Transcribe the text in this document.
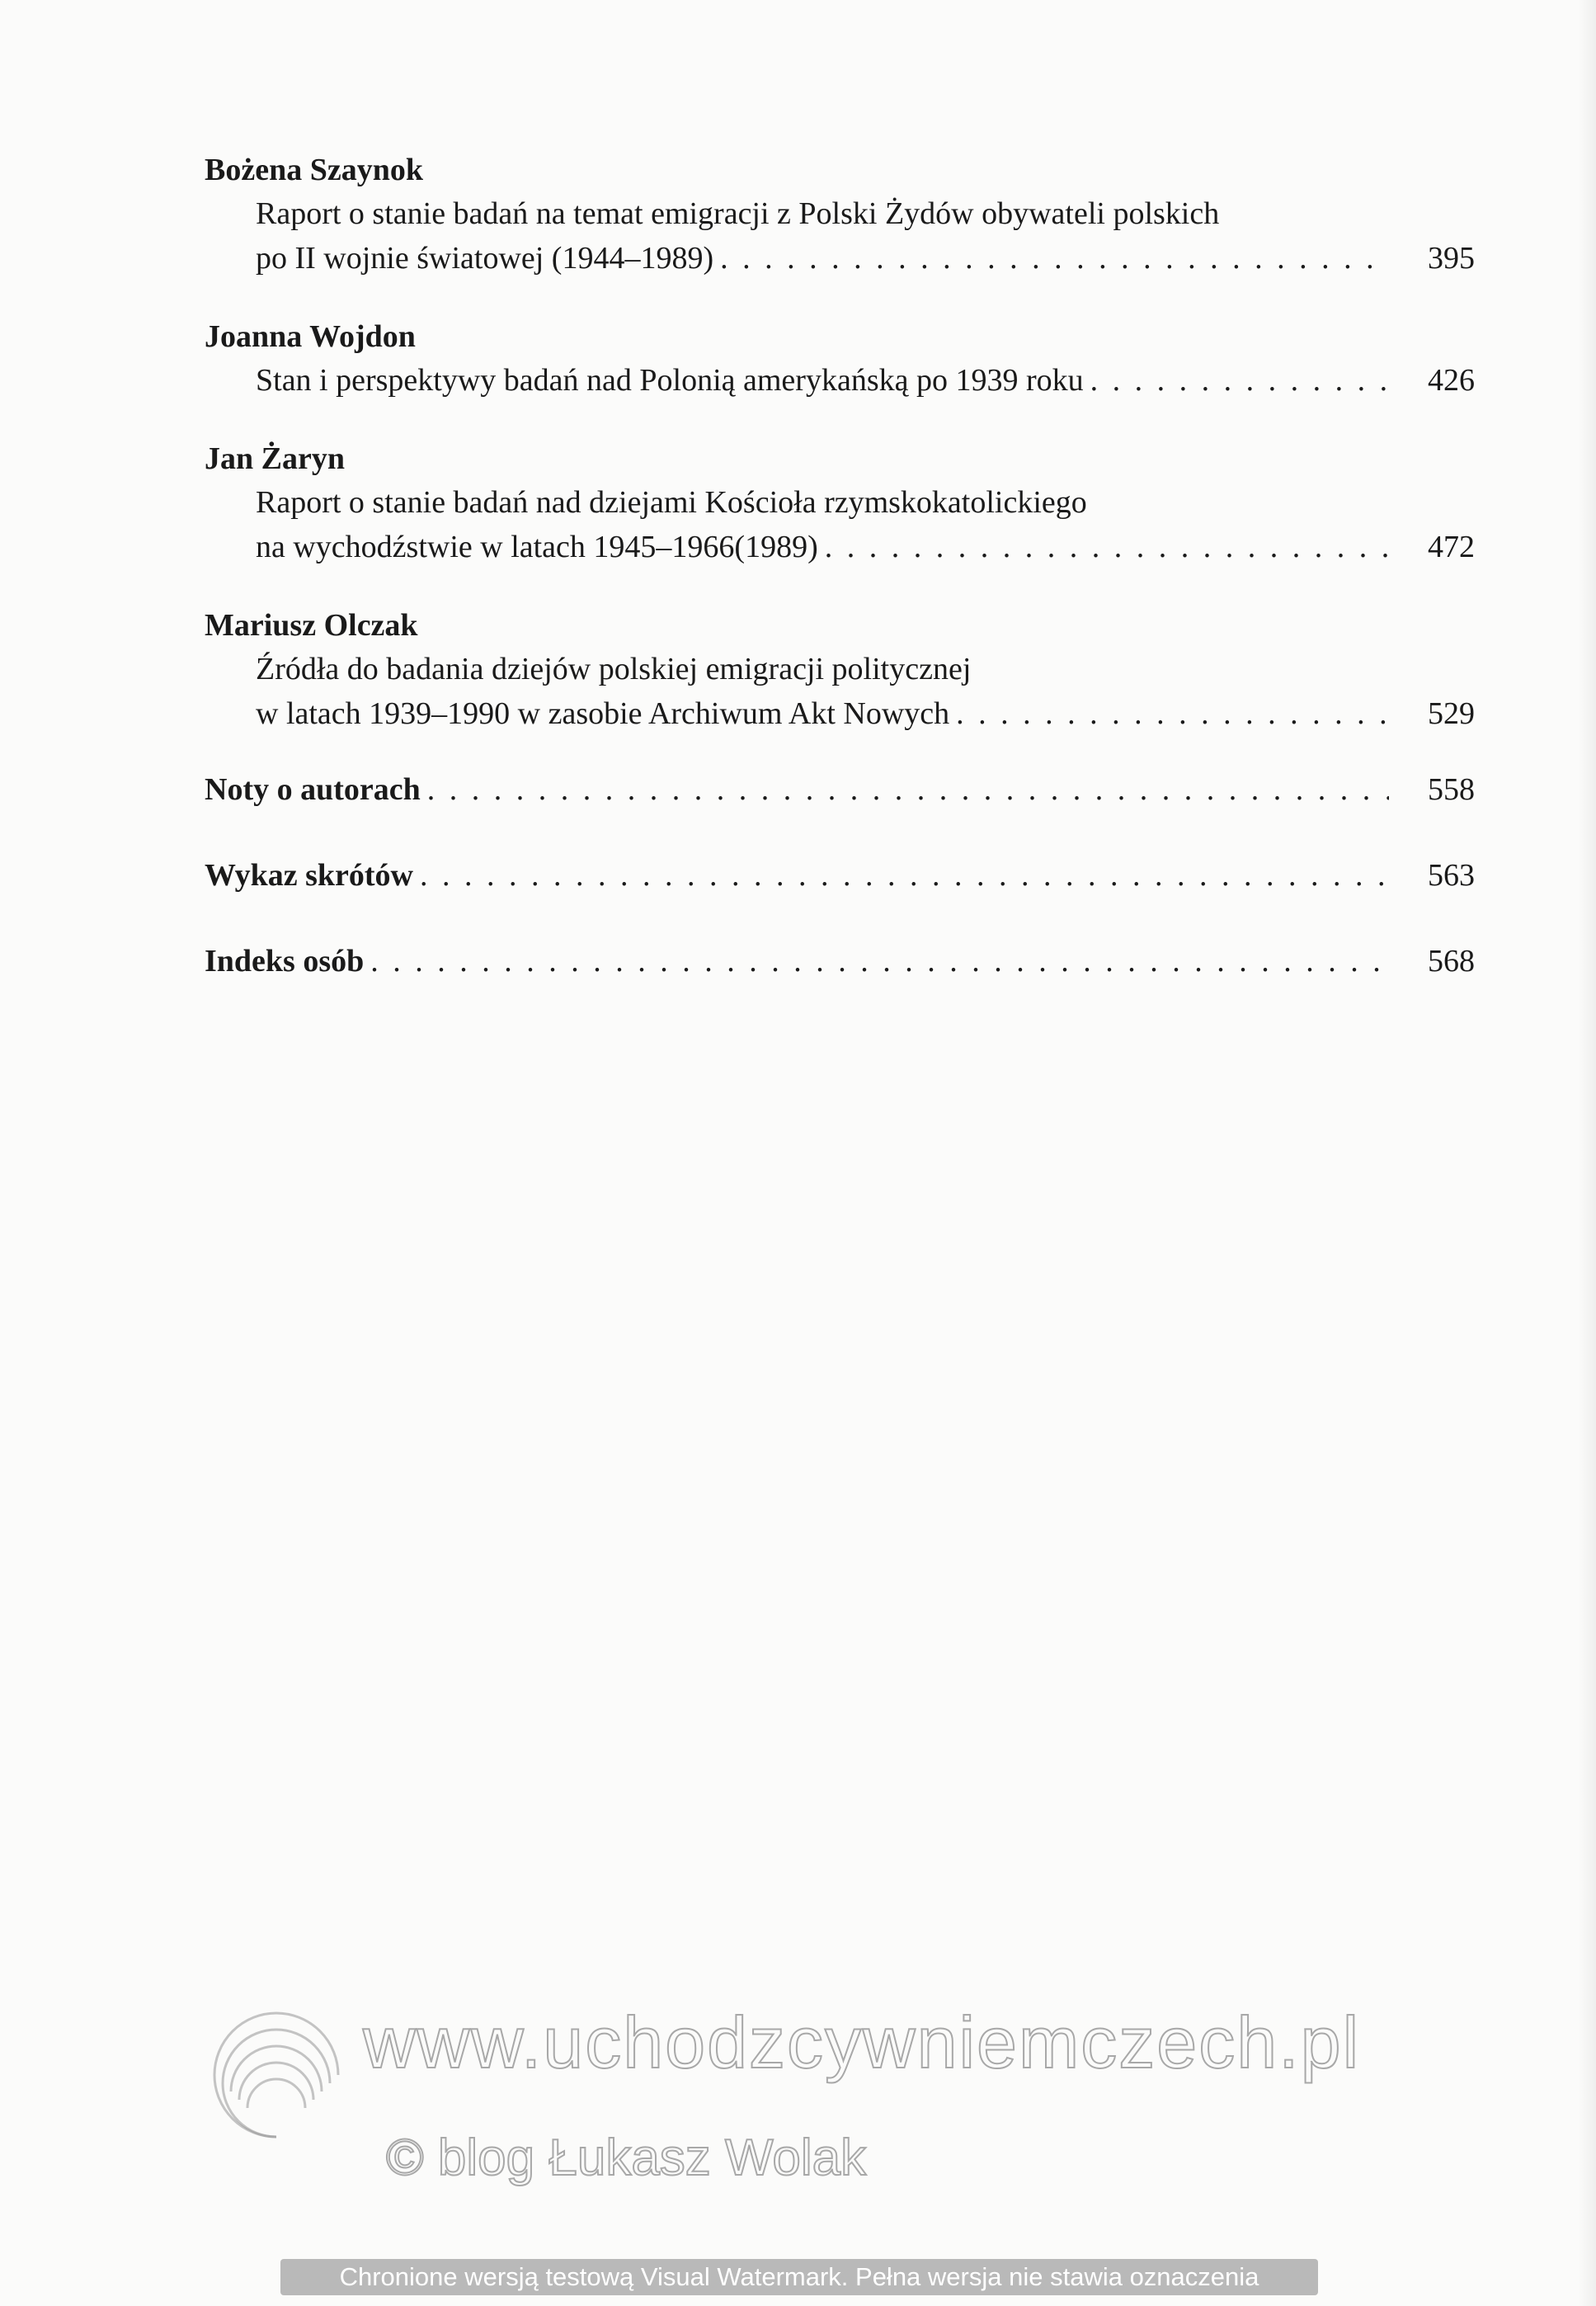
Bożena Szaynok
Raport o stanie badań na temat emigracji z Polski Żydów obywateli polskich
po II wojnie światowej (1944–1989) . . .	395
Joanna Wojdon
Stan i perspektywy badań nad Polonią amerykańską po 1939 roku . . .	426
Jan Żaryn
Raport o stanie badań nad dziejami Kościoła rzymskokatolickiego
na wychodźstwie w latach 1945–1966(1989) . . .	472
Mariusz Olczak
Źródła do badania dziejów polskiej emigracji politycznej
w latach 1939–1990 w zasobie Archiwum Akt Nowych . . .	529
Noty o autorach . . .	558
Wykaz skrótów . . .	563
Indeks osób . . .	568
www.uchodzcywniemczech.pl
© blog Łukasz Wolak
Chronione wersją testową Visual Watermark. Pełna wersja nie stawia oznaczenia
